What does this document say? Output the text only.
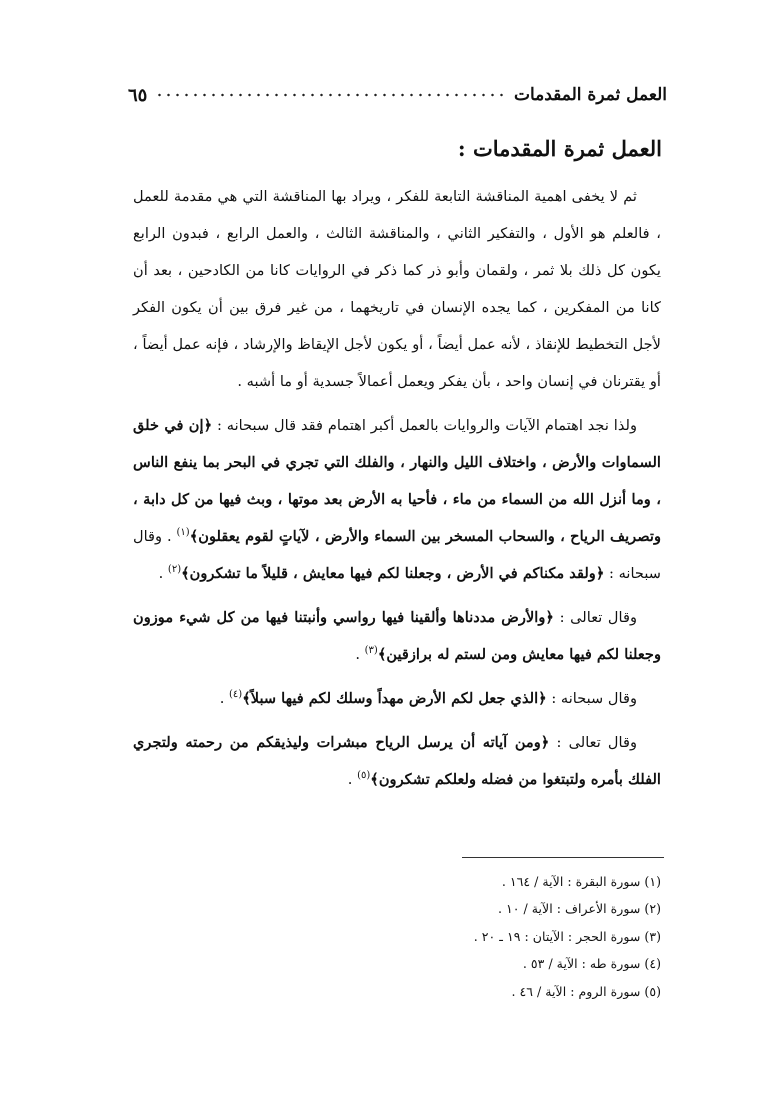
العمل ثمرة المقدمات
٦٥
العمل ثمرة المقدمات :

ثم لا يخفى اهمية المناقشة التابعة للفكر ، ويراد بها المناقشة التي هي مقدمة للعمل ، فالعلم هو الأول ، والتفكير الثاني ، والمناقشة الثالث ، والعمل الرابع ، فبدون الرابع يكون كل ذلك بلا ثمر ، ولقمان وأبو ذر كما ذكر في الروايات كانا من الكادحين ، بعد أن كانا من المفكرين ، كما يجده الإنسان في تاريخهما ، من غير فرق بين أن يكون الفكر لأجل التخطيط للإنقاذ ، لأنه عمل أيضاً ، أو يكون لأجل الإيقاظ والإرشاد ، فإنه عمل أيضاً ، أو يقترنان في إنسان واحد ، بأن يفكر ويعمل أعمالاً جسدية أو ما أشبه .

ولذا نجد اهتمام الآيات والروايات بالعمل أكبر اهتمام فقد قال سبحانه : ﴿إن في خلق السماوات والأرض ، واختلاف الليل والنهار ، والفلك التي تجري في البحر بما ينفع الناس ، وما أنزل الله من السماء من ماء ، فأحيا به الأرض بعد موتها ، وبث فيها من كل دابة ، وتصريف الرياح ، والسحاب المسخر بين السماء والأرض ، لآياتٍ لقوم يعقلون﴾$^{(١)}$ . وقال سبحانه : ﴿ولقد مكناكم في الأرض ، وجعلنا لكم فيها معايش ، قليلاً ما تشكرون﴾$^{(٢)}$ .

وقال تعالى : ﴿والأرض مددناها وألقينا فيها رواسي وأنبتنا فيها من كل شيء موزون وجعلنا لكم فيها معايش ومن لستم له برازقين﴾$^{(٣)}$ .

وقال سبحانه : ﴿الذي جعل لكم الأرض مهداً وسلك لكم فيها سبلاً﴾$^{(٤)}$ .

وقال تعالى : ﴿ومن آياته أن يرسل الرياح مبشرات وليذيقكم من رحمته ولتجري الفلك بأمره ولتبتغوا من فضله ولعلكم تشكرون﴾$^{(٥)}$ .

(١) سورة البقرة : الآية / ١٦٤ .
(٢) سورة الأعراف : الآية / ١٠ .
(٣) سورة الحجر : الآيتان : ١٩ ـ ٢٠ .
(٤) سورة طه : الآية / ٥٣ .
(٥) سورة الروم : الآية / ٤٦ .
